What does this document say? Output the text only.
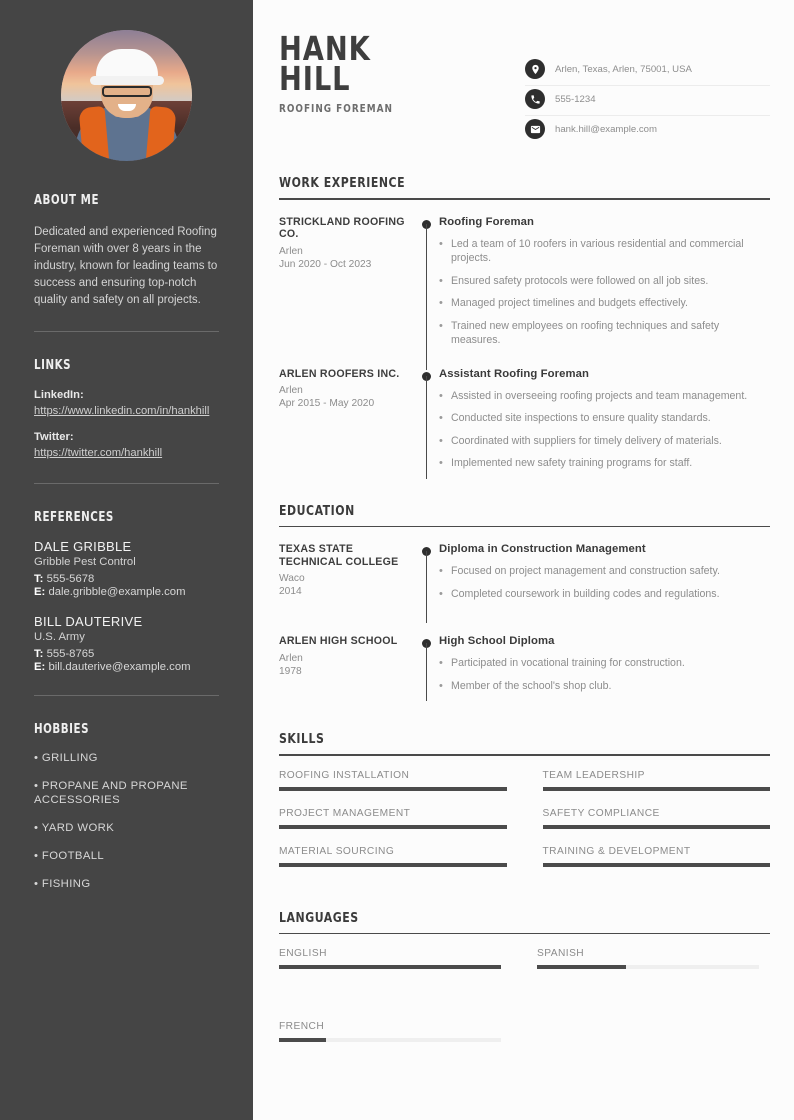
ABOUT ME

Dedicated and experienced Roofing Foreman with over 8 years in the industry, known for leading teams to success and ensuring top-notch quality and safety on all projects.

LINKS
LinkedIn:
https://www.linkedin.com/in/hankhill
Twitter:
https://twitter.com/hankhill
REFERENCES
DALE GRIBBLE
Gribble Pest Control
T: 555-5678
E: dale.gribble@example.com
BILL DAUTERIVE
U.S. Army
T: 555-8765
E: bill.dauterive@example.com
HOBBIES
• GRILLING
• PROPANE AND PROPANE ACCESSORIES
• YARD WORK
• FOOTBALL
• FISHING
HANK
HILL
ROOFING FOREMAN
Arlen, Texas, Arlen, 75001, USA
555-1234
hank.hill@example.com
WORK EXPERIENCE
STRICKLAND ROOFING CO.
Arlen
Jun 2020 - Oct 2023
Roofing Foreman
• Led a team of 10 roofers in various residential and commercial projects.
• Ensured safety protocols were followed on all job sites.
• Managed project timelines and budgets effectively.
• Trained new employees on roofing techniques and safety measures.
ARLEN ROOFERS INC.
Arlen
Apr 2015 - May 2020
Assistant Roofing Foreman
• Assisted in overseeing roofing projects and team management.
• Conducted site inspections to ensure quality standards.
• Coordinated with suppliers for timely delivery of materials.
• Implemented new safety training programs for staff.
EDUCATION
TEXAS STATE TECHNICAL COLLEGE
Waco
2014
Diploma in Construction Management
• Focused on project management and construction safety.
• Completed coursework in building codes and regulations.
ARLEN HIGH SCHOOL
Arlen
1978
High School Diploma
• Participated in vocational training for construction.
• Member of the school's shop club.
SKILLS
ROOFING INSTALLATION
PROJECT MANAGEMENT
MATERIAL SOURCING
TEAM LEADERSHIP
SAFETY COMPLIANCE
TRAINING & DEVELOPMENT
LANGUAGES
ENGLISH	SPANISH
FRENCH
